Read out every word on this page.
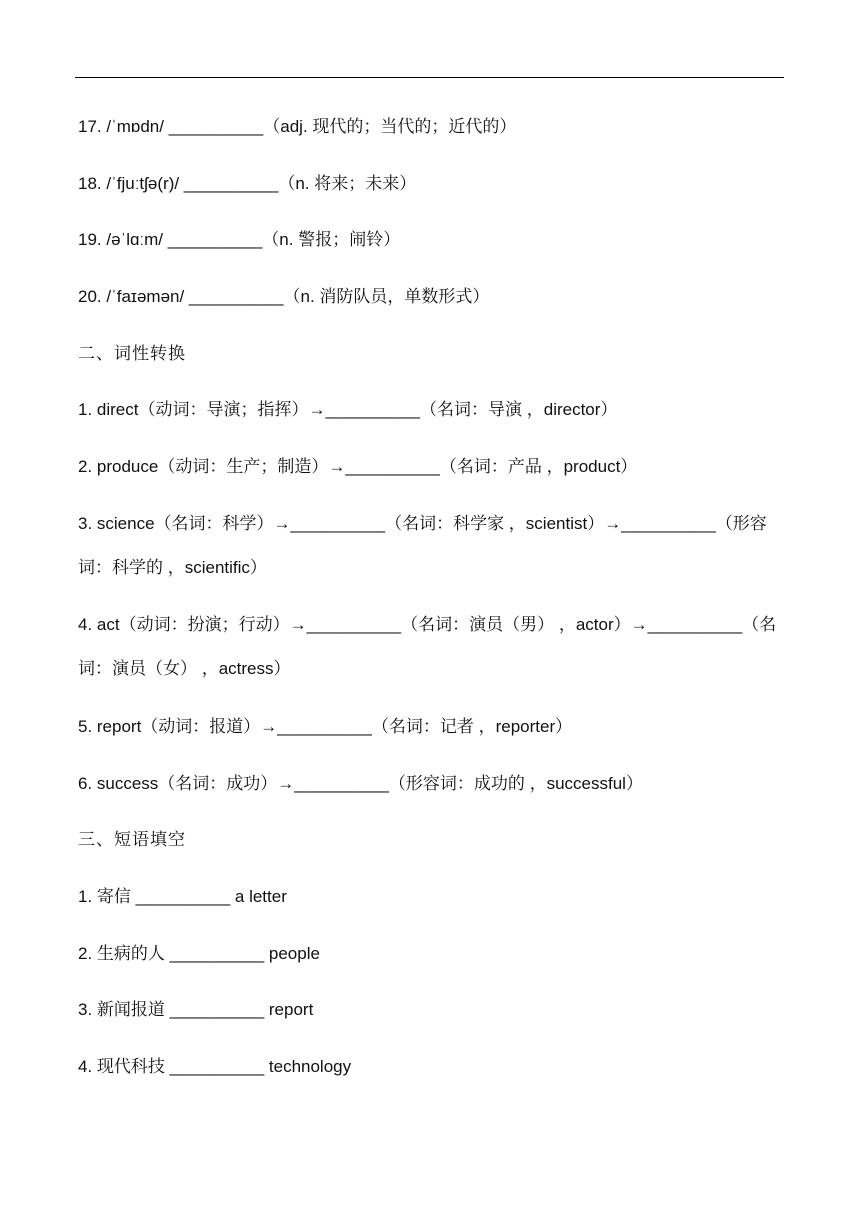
17. /ˈmɒdn/ __________（adj. 现代的；当代的；近代的）
18. /ˈfjuːtʃə(r)/ __________（n. 将来；未来）
19. /əˈlɑːm/ __________（n. 警报；闹铃）
20. /ˈfaɪəmən/ __________（n. 消防队员，单数形式）
二、词性转换
1. direct（动词：导演；指挥）→__________（名词：导演 ，director）
2. produce（动词：生产；制造）→__________（名词：产品 ，product）
3. science（名词：科学）→__________（名词：科学家 ，scientist）→__________（形容词：科学的 ，scientific）
4. act（动词：扮演；行动）→__________（名词：演员（男） ，actor）→__________（名词：演员（女） ，actress）
5. report（动词：报道）→__________（名词：记者 ，reporter）
6. success（名词：成功）→__________（形容词：成功的 ，successful）
三、短语填空
1. 寄信 __________ a letter
2. 生病的人 __________ people
3. 新闻报道 __________ report
4. 现代科技 __________ technology
